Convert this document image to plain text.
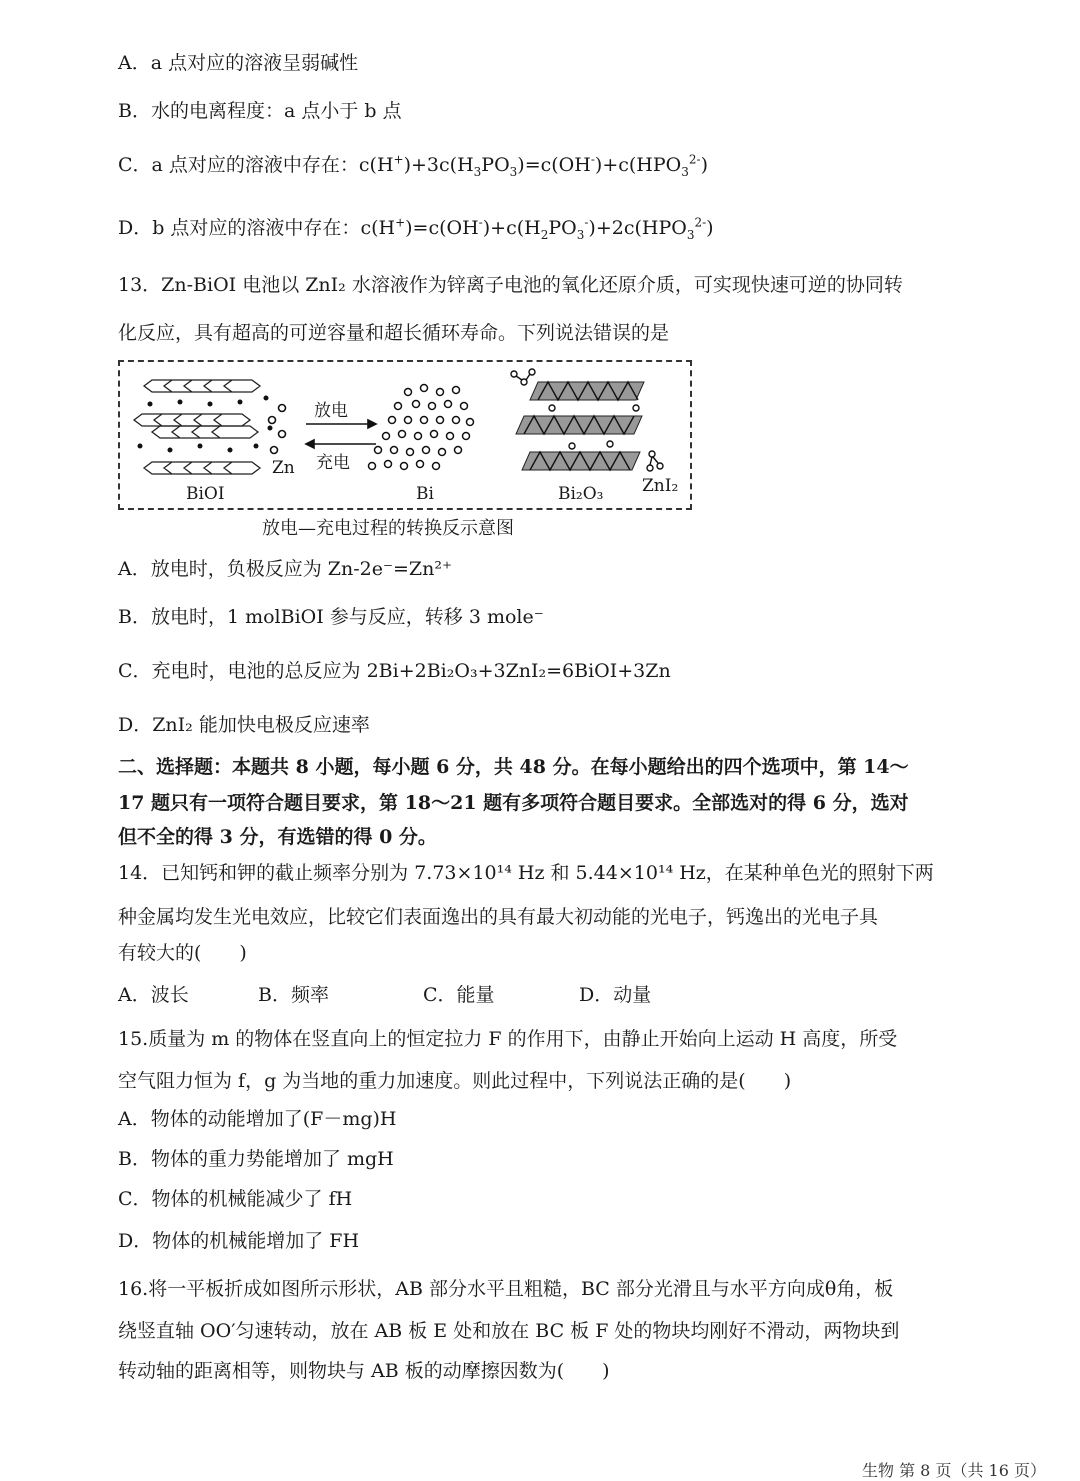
A．a 点对应的溶液呈弱碱性
B．水的电离程度：a 点小于 b 点
C．a 点对应的溶液中存在：$c(H^+)+3c(H_3PO_3)=c(OH^-)+c(HPO_3^{2-})$
D．b 点对应的溶液中存在：$c(H^+)=c(OH^-)+c(H_2PO_3^-)+2c(HPO_3^{2-})$
13．Zn-BiOI 电池以 ZnI₂ 水溶液作为锌离子电池的氧化还原介质，可实现快速可逆的协同转
化反应，具有超高的可逆容量和超长循环寿命。下列说法错误的是
放电
充电
Zn
BiOI	Bi	Bi₂O₃ ZnI₂
放电—充电过程的转换反示意图
A．放电时，负极反应为 Zn-2e⁻=Zn²⁺
B．放电时，1 molBiOI 参与反应，转移 3 mole⁻
C．充电时，电池的总反应为 2Bi+2Bi₂O₃+3ZnI₂=6BiOI+3Zn
D．ZnI₂ 能加快电极反应速率
二、选择题：本题共 8 小题，每小题 6 分，共 48 分。在每小题给出的四个选项中，第 14～
17 题只有一项符合题目要求，第 18～21 题有多项符合题目要求。全部选对的得 6 分，选对
但不全的得 3 分，有选错的得 0 分。
14．已知钙和钾的截止频率分别为 7.73×10¹⁴ Hz 和 5.44×10¹⁴ Hz，在某种单色光的照射下两
种金属均发生光电效应，比较它们表面逸出的具有最大初动能的光电子，钙逸出的光电子具
有较大的(　　)
A．波长	B．频率	C．能量	D．动量
15.质量为 m 的物体在竖直向上的恒定拉力 F 的作用下，由静止开始向上运动 H 高度，所受
空气阻力恒为 f，g 为当地的重力加速度。则此过程中，下列说法正确的是(　　)
A．物体的动能增加了(F－mg)H
B．物体的重力势能增加了 mgH
C．物体的机械能减少了 fH
D．物体的机械能增加了 FH
16.将一平板折成如图所示形状，AB 部分水平且粗糙，BC 部分光滑且与水平方向成θ角，板
绕竖直轴 OO′匀速转动，放在 AB 板 E 处和放在 BC 板 F 处的物块均刚好不滑动，两物块到
转动轴的距离相等，则物块与 AB 板的动摩擦因数为(　　)
生物 第 8 页（共 16 页）
